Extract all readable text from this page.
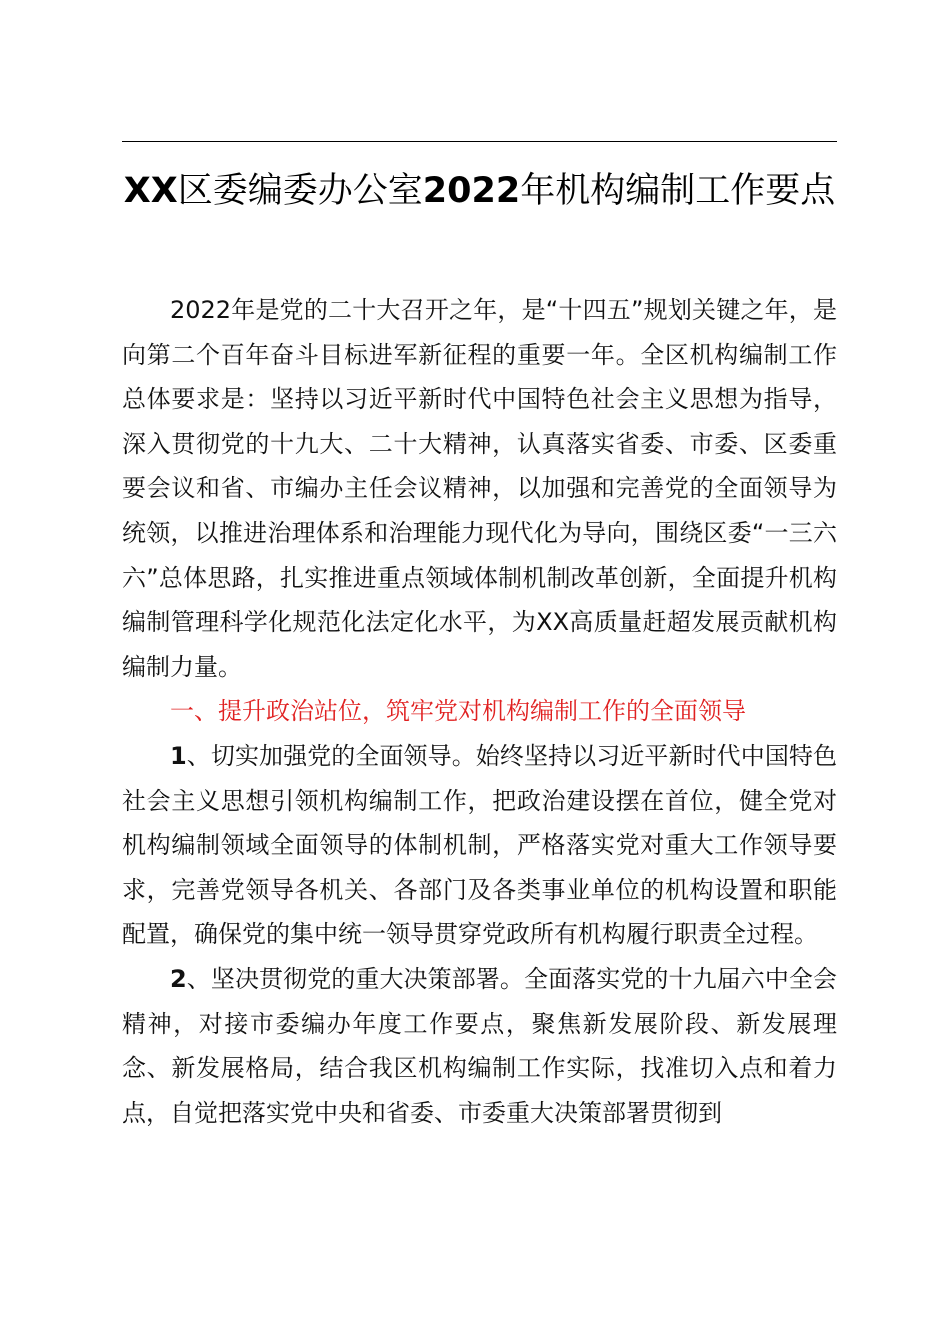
XX区委编委办公室2022年机构编制工作要点

2022年是党的二十大召开之年，是“十四五”规划关键之年，是向第二个百年奋斗目标进军新征程的重要一年。全区机构编制工作总体要求是：坚持以习近平新时代中国特色社会主义思想为指导，深入贯彻党的十九大、二十大精神，认真落实省委、市委、区委重要会议和省、市编办主任会议精神，以加强和完善党的全面领导为统领，以推进治理体系和治理能力现代化为导向，围绕区委“一三六六”总体思路，扎实推进重点领域体制机制改革创新，全面提升机构编制管理科学化规范化法定化水平，为XX高质量赶超发展贡献机构编制力量。

一、提升政治站位，筑牢党对机构编制工作的全面领导

1、切实加强党的全面领导。始终坚持以习近平新时代中国特色社会主义思想引领机构编制工作，把政治建设摆在首位，健全党对机构编制领域全面领导的体制机制，严格落实党对重大工作领导要求，完善党领导各机关、各部门及各类事业单位的机构设置和职能配置，确保党的集中统一领导贯穿党政所有机构履行职责全过程。

2、坚决贯彻党的重大决策部署。全面落实党的十九届六中全会精神，对接市委编办年度工作要点，聚焦新发展阶段、新发展理念、新发展格局，结合我区机构编制工作实际，找准切入点和着力点，自觉把落实党中央和省委、市委重大决策部署贯彻到
